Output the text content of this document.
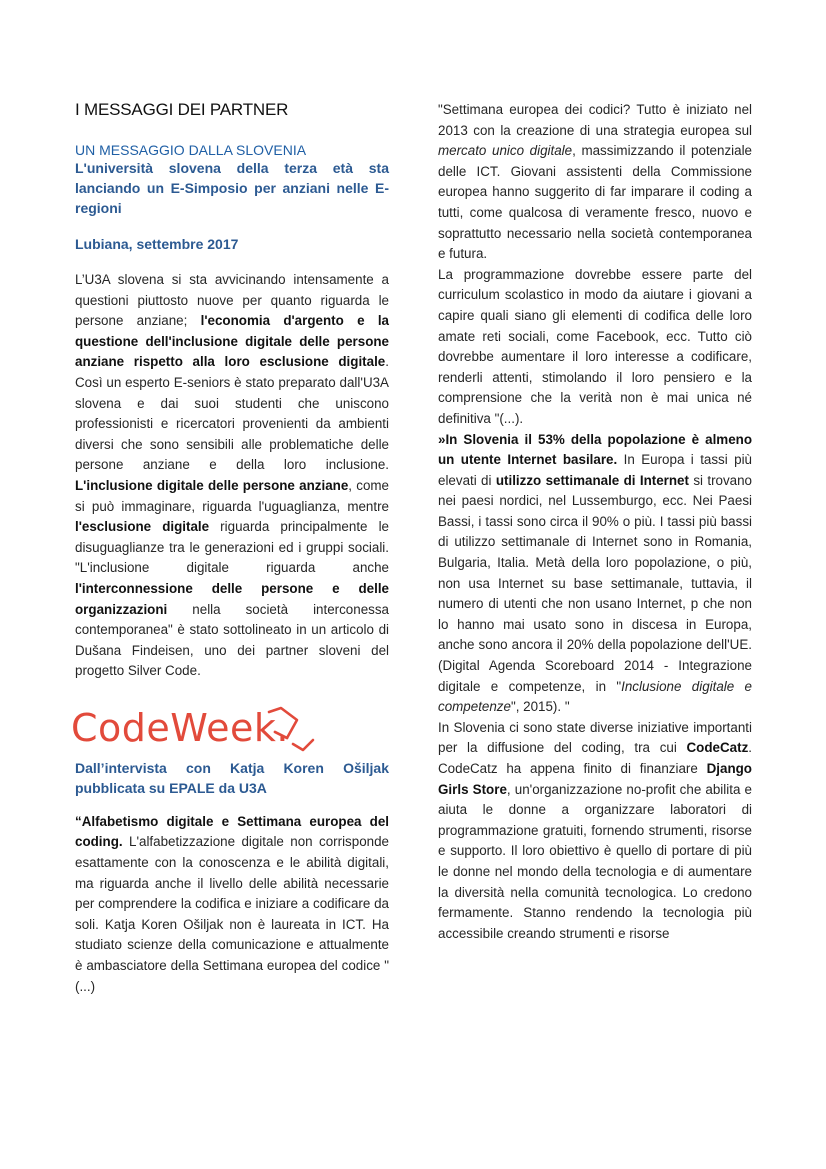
I MESSAGGI DEI PARTNER
UN MESSAGGIO DALLA SLOVENIA
L'università slovena della terza età sta lanciando un E-Simposio per anziani nelle E-regioni
Lubiana, settembre 2017

L’U3A slovena si sta avvicinando intensamente a questioni piuttosto nuove per quanto riguarda le persone anziane; l'economia d'argento e la questione dell'inclusione digitale delle persone anziane rispetto alla loro esclusione digitale. Così un esperto E-seniors è stato preparato dall'U3A slovena e dai suoi studenti che uniscono professionisti e ricercatori provenienti da ambienti diversi che sono sensibili alle problematiche delle persone anziane e della loro inclusione. L'inclusione digitale delle persone anziane, come si può immaginare, riguarda l'uguaglianza, mentre l'esclusione digitale riguarda principalmente le disuguaglianze tra le generazioni ed i gruppi sociali. "L'inclusione digitale riguarda anche l'interconnessione delle persone e delle organizzazioni nella società interconessa contemporanea" è stato sottolineato in un articolo di Dušana Findeisen, uno dei partner sloveni del progetto Silver Code.

CodeWeek.
Dall’intervista con Katja Koren Ošiljak pubblicata su EPALE da U3A

“Alfabetismo digitale e Settimana europea del coding. L'alfabetizzazione digitale non corrisponde esattamente con la conoscenza e le abilità digitali, ma riguarda anche il livello delle abilità necessarie per comprendere la codifica e iniziare a codificare da soli. Katja Koren Ošiljak non è laureata in ICT. Ha studiato scienze della comunicazione e attualmente è ambasciatore della Settimana europea del codice "(...)

"Settimana europea dei codici? Tutto è iniziato nel 2013 con la creazione di una strategia europea sul mercato unico digitale, massimizzando il potenziale delle ICT. Giovani assistenti della Commissione europea hanno suggerito di far imparare il coding a tutti, come qualcosa di veramente fresco, nuovo e soprattutto necessario nella società contemporanea e futura.

La programmazione dovrebbe essere parte del curriculum scolastico in modo da aiutare i giovani a capire quali siano gli elementi di codifica delle loro amate reti sociali, come Facebook, ecc. Tutto ciò dovrebbe aumentare il loro interesse a codificare, renderli attenti, stimolando il loro pensiero e la comprensione che la verità non è mai unica né definitiva "(...).

»In Slovenia il 53% della popolazione è almeno un utente Internet basilare. In Europa i tassi più elevati di utilizzo settimanale di Internet si trovano nei paesi nordici, nel Lussemburgo, ecc. Nei Paesi Bassi, i tassi sono circa il 90% o più. I tassi più bassi di utilizzo settimanale di Internet sono in Romania, Bulgaria, Italia. Metà della loro popolazione, o più, non usa Internet su base settimanale, tuttavia, il numero di utenti che non usano Internet, p che non lo hanno mai usato sono in discesa in Europa, anche sono ancora il 20% della popolazione dell'UE. (Digital Agenda Scoreboard 2014 - Integrazione digitale e competenze, in "Inclusione digitale e competenze", 2015). "

In Slovenia ci sono state diverse iniziative importanti per la diffusione del coding, tra cui CodeCatz. CodeCatz ha appena finito di finanziare Django Girls Store, un'organizzazione no-profit che abilita e aiuta le donne a organizzare laboratori di programmazione gratuiti, fornendo strumenti, risorse e supporto. Il loro obiettivo è quello di portare di più le donne nel mondo della tecnologia e di aumentare la diversità nella comunità tecnologica. Lo credono fermamente. Stanno rendendo la tecnologia più accessibile creando strumenti e risorse
